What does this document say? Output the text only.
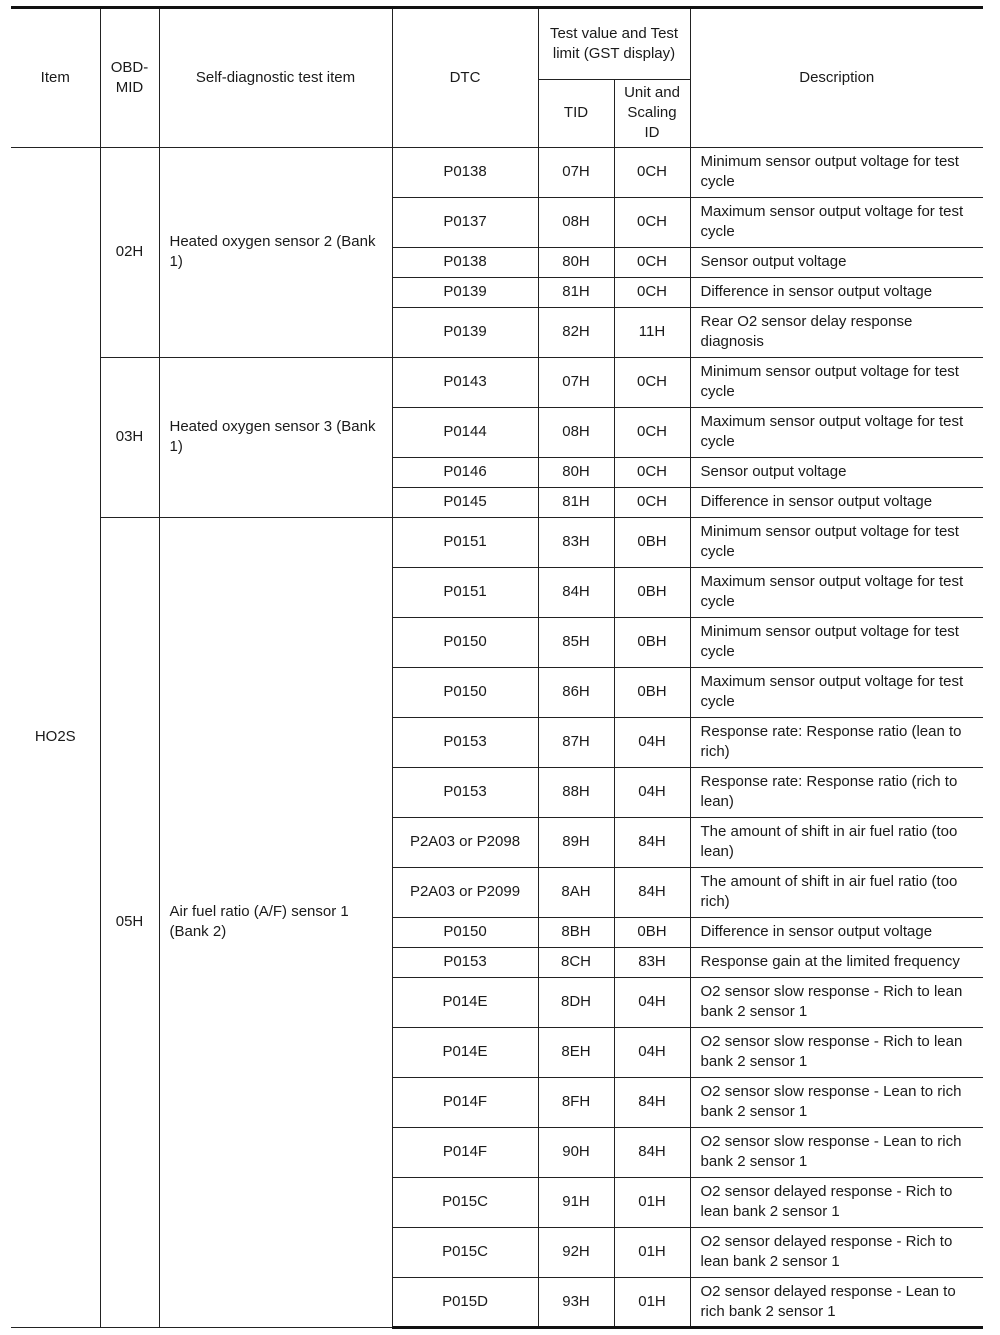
Item	OBD-MID	Self-diagnostic test item	DTC	Test value and Test limit (GST display)		Description
				TID	Unit and Scaling ID	
HO2S	02H	Heated oxygen sensor 2 (Bank 1)	P0138	07H	0CH	Minimum sensor output voltage for test cycle
			P0137	08H	0CH	Maximum sensor output voltage for test cycle
			P0138	80H	0CH	Sensor output voltage
			P0139	81H	0CH	Difference in sensor output voltage
			P0139	82H	11H	Rear O2 sensor delay response diagnosis
	03H	Heated oxygen sensor 3 (Bank 1)	P0143	07H	0CH	Minimum sensor output voltage for test cycle
			P0144	08H	0CH	Maximum sensor output voltage for test cycle
			P0146	80H	0CH	Sensor output voltage
			P0145	81H	0CH	Difference in sensor output voltage
	05H	Air fuel ratio (A/F) sensor 1 (Bank 2)	P0151	83H	0BH	Minimum sensor output voltage for test cycle
			P0151	84H	0BH	Maximum sensor output voltage for test cycle
			P0150	85H	0BH	Minimum sensor output voltage for test cycle
			P0150	86H	0BH	Maximum sensor output voltage for test cycle
			P0153	87H	04H	Response rate: Response ratio (lean to rich)
			P0153	88H	04H	Response rate: Response ratio (rich to lean)
			P2A03 or P2098	89H	84H	The amount of shift in air fuel ratio (too lean)
			P2A03 or P2099	8AH	84H	The amount of shift in air fuel ratio (too rich)
			P0150	8BH	0BH	Difference in sensor output voltage
			P0153	8CH	83H	Response gain at the limited frequency
			P014E	8DH	04H	O2 sensor slow response - Rich to lean bank 2 sensor 1
			P014E	8EH	04H	O2 sensor slow response - Rich to lean bank 2 sensor 1
			P014F	8FH	84H	O2 sensor slow response - Lean to rich bank 2 sensor 1
			P014F	90H	84H	O2 sensor slow response - Lean to rich bank 2 sensor 1
			P015C	91H	01H	O2 sensor delayed response - Rich to lean bank 2 sensor 1
			P015C	92H	01H	O2 sensor delayed response - Rich to lean bank 2 sensor 1
			P015D	93H	01H	O2 sensor delayed response - Lean to rich bank 2 sensor 1
